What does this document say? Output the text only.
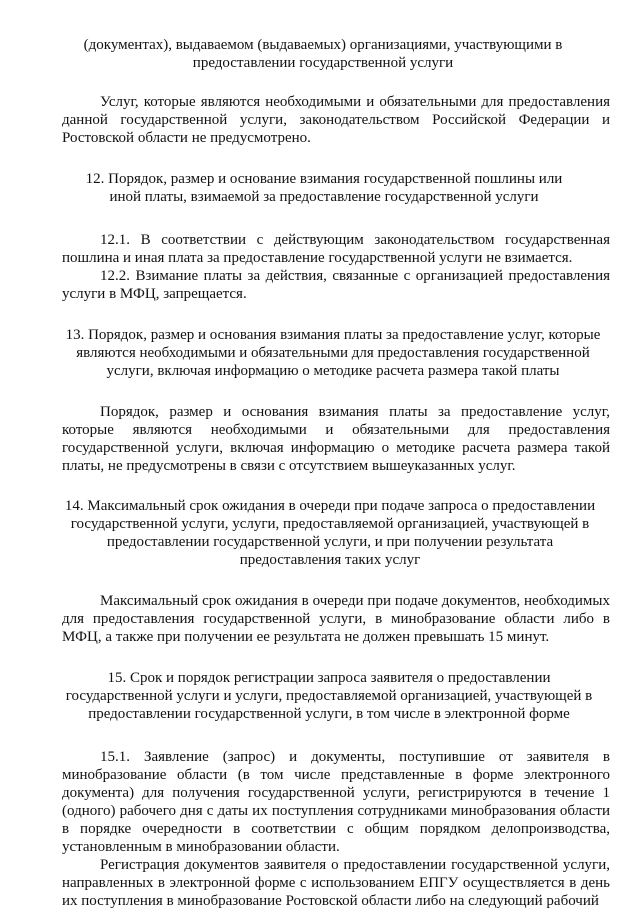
(документах), выдаваемом (выдаваемых) организациями, участвующими в предоставлении государственной услуги

Услуг, которые являются необходимыми и обязательными для предоставления данной государственной услуги, законодательством Российской Федерации и Ростовской области не предусмотрено.

12. Порядок, размер и основание взимания государственной пошлины или иной платы, взимаемой за предоставление государственной услуги

12.1. В соответствии с действующим законодательством государственная пошлина и иная плата за предоставление государственной услуги не взимается.

12.2. Взимание платы за действия, связанные с организацией предоставления услуги в МФЦ, запрещается.

13. Порядок, размер и основания взимания платы за предоставление услуг, которые являются необходимыми и обязательными для предоставления государственной услуги, включая информацию о методике расчета размера такой платы

Порядок, размер и основания взимания платы за предоставление услуг, которые являются необходимыми и обязательными для предоставления государственной услуги, включая информацию о методике расчета размера такой платы, не предусмотрены в связи с отсутствием вышеуказанных услуг.

14. Максимальный срок ожидания в очереди при подаче запроса о предоставлении государственной услуги, услуги, предоставляемой организацией, участвующей в предоставлении государственной услуги, и при получении результата предоставления таких услуг

Максимальный срок ожидания в очереди при подаче документов, необходимых для предоставления государственной услуги, в минобразование области либо в МФЦ, а также при получении ее результата не должен превышать 15 минут.

15. Срок и порядок регистрации запроса заявителя о предоставлении государственной услуги и услуги, предоставляемой организацией, участвующей в предоставлении государственной услуги, в том числе в электронной форме

15.1. Заявление (запрос) и документы, поступившие от заявителя в минобразование области (в том числе представленные в форме электронного документа) для получения государственной услуги, регистрируются в течение 1 (одного) рабочего дня с даты их поступления сотрудниками минобразования области в порядке очередности в соответствии с общим порядком делопроизводства, установленным в минобразовании области.

Регистрация документов заявителя о предоставлении государственной услуги, направленных в электронной форме с использованием ЕПГУ осуществляется в день их поступления в минобразование Ростовской области либо на следующий рабочий
